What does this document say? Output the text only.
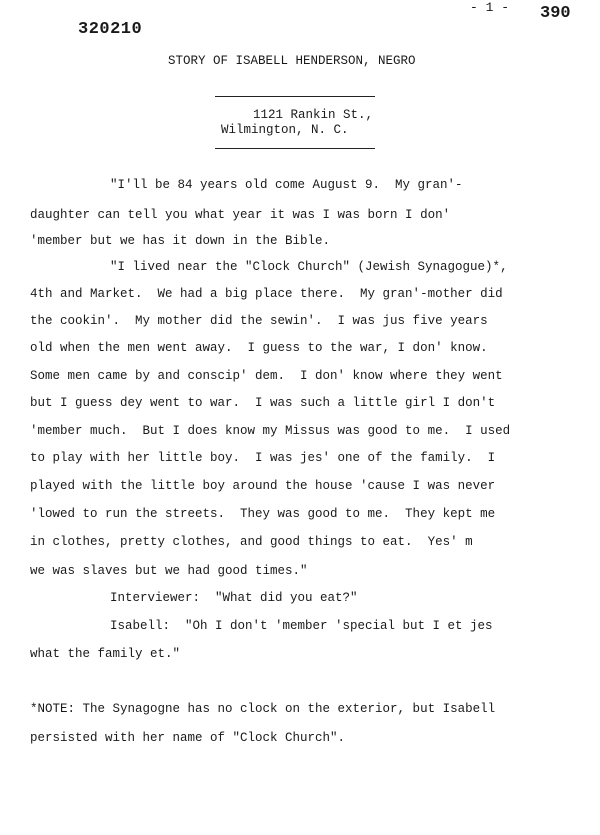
- 1 - 390
320210
STORY OF ISABELL HENDERSON, NEGRO
1121 Rankin St.,
Wilmington, N. C.
"I'll be 84 years old come August 9.  My gran'-
daughter can tell you what year it was I was born I don'
'member but we has it down in the Bible.
"I lived near the "Clock Church" (Jewish Synagogue)*,
4th and Market.  We had a big place there.  My gran'-mother did
the cookin'.  My mother did the sewin'.  I was jus five years
old when the men went away.  I guess to the war, I don' know.
Some men came by and conscip' dem.  I don' know where they went
but I guess dey went to war.  I was such a little girl I don't
'member much.  But I does know my Missus was good to me.  I used
to play with her little boy.  I was jes' one of the family.  I
played with the little boy around the house 'cause I was never
'lowed to run the streets.  They was good to me.  They kept me
in clothes, pretty clothes, and good things to eat.  Yes' m
we was slaves but we had good times."
Interviewer:  "What did you eat?"
Isabell:  "Oh I don't 'member 'special but I et jes
what the family et."
*NOTE: The Synagogne has no clock on the exterior, but Isabell
persisted with her name of "Clock Church".
